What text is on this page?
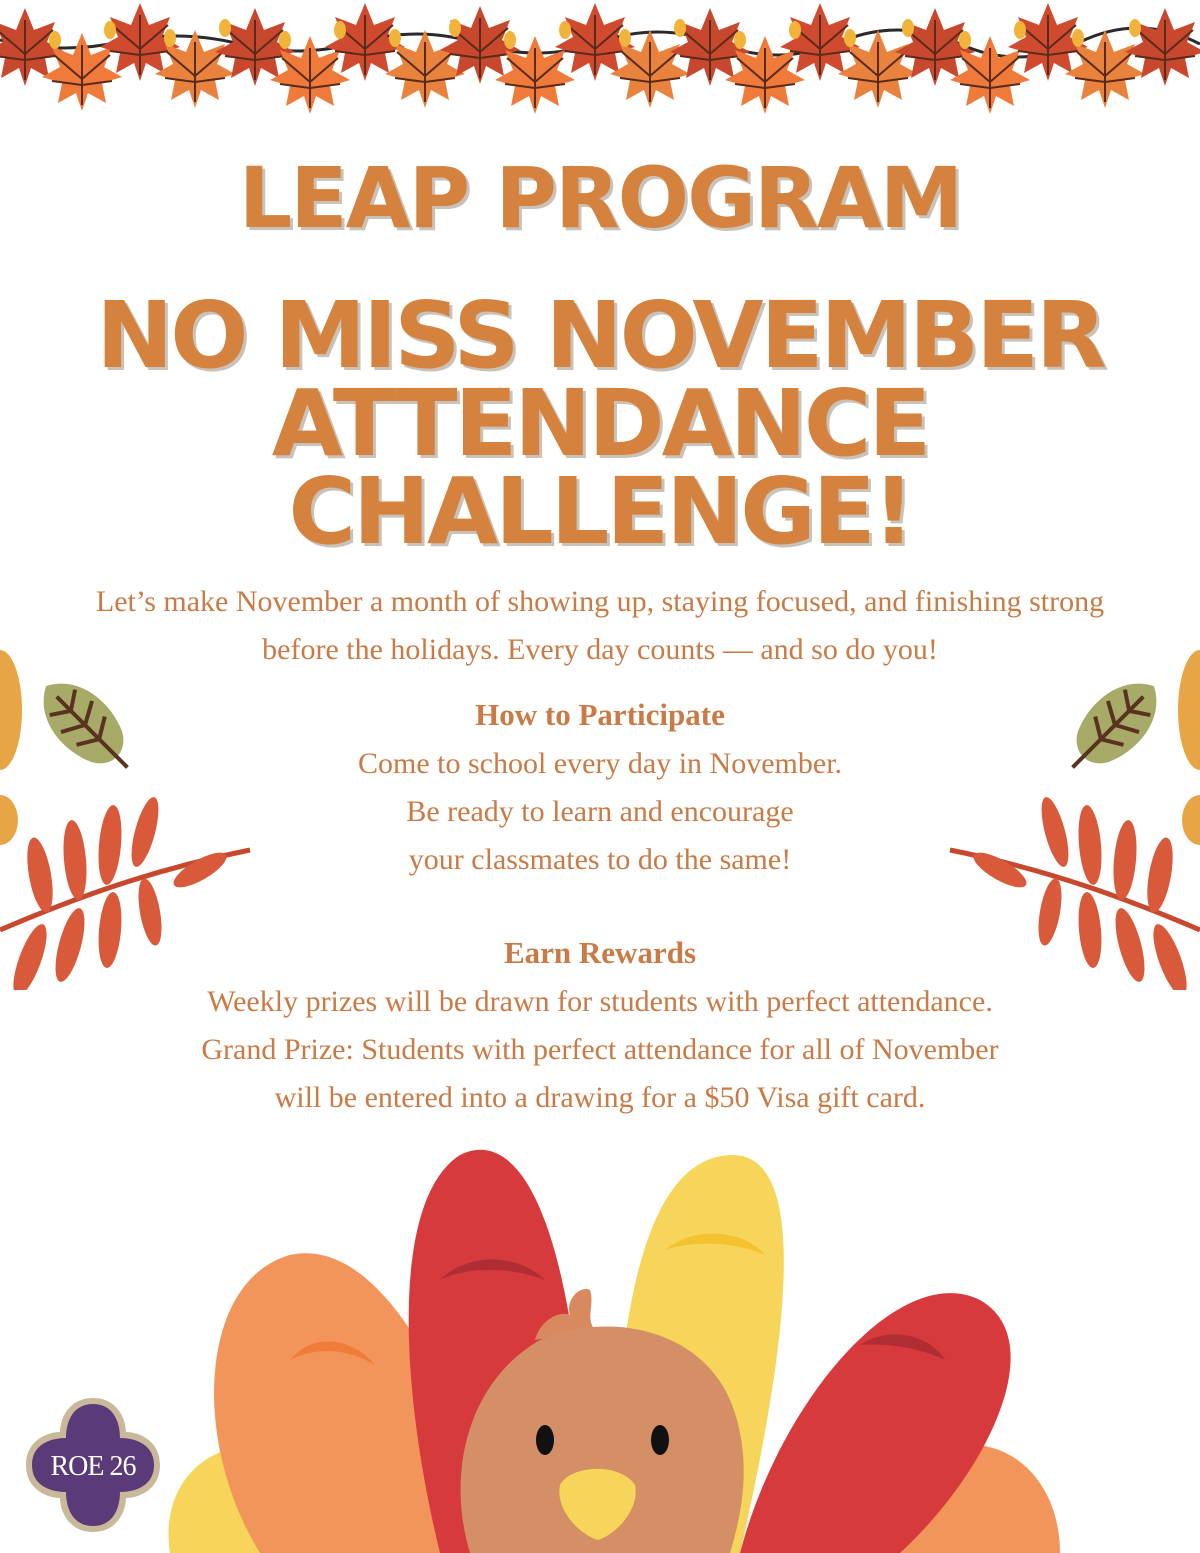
LEAP PROGRAM
NO MISS NOVEMBER
ATTENDANCE
CHALLENGE!
Let’s make November a month of showing up, staying focused, and finishing strong
before the holidays. Every day counts — and so do you!
How to Participate
Come to school every day in November.
Be ready to learn and encourage
your classmates to do the same!
Earn Rewards
Weekly prizes will be drawn for students with perfect attendance.
Grand Prize: Students with perfect attendance for all of November
will be entered into a drawing for a $50 Visa gift card.
ROE 26
